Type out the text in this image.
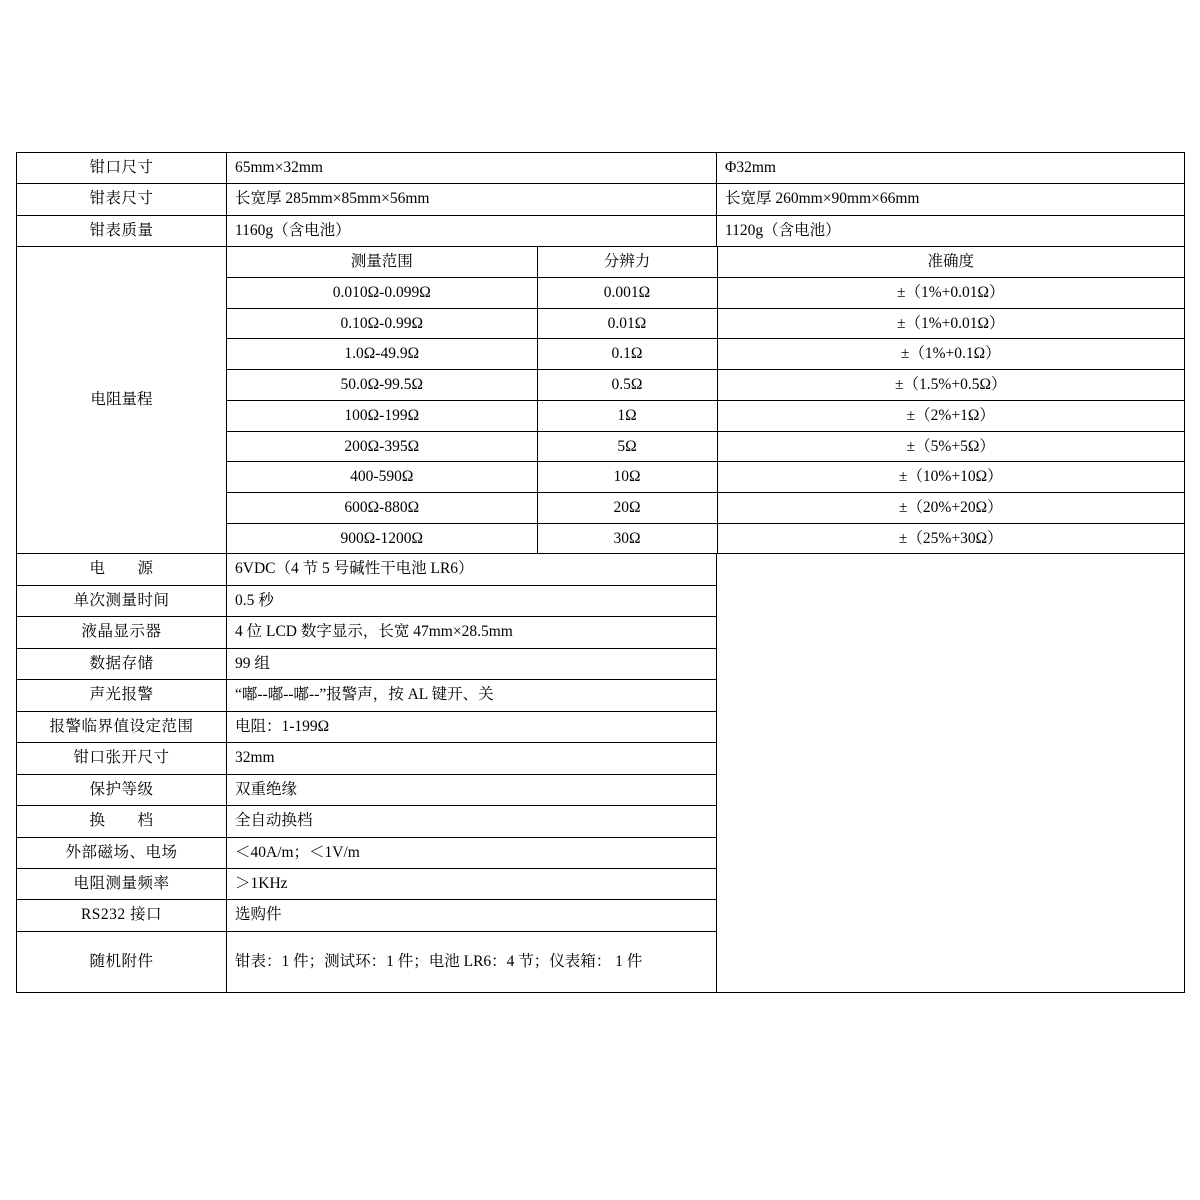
钳口尺寸	65mm×32mm	Φ32mm
钳表尺寸	长宽厚 285mm×85mm×56mm	长宽厚 260mm×90mm×66mm
钳表质量	1160g（含电池）	1120g（含电池）
电阻量程	
测量范围	分辨力	准确度
0.010Ω-0.099Ω	0.001Ω	±（1%+0.01Ω）
0.10Ω-0.99Ω	0.01Ω	±（1%+0.01Ω）
1.0Ω-49.9Ω	0.1Ω	±（1%+0.1Ω）
50.0Ω-99.5Ω	0.5Ω	±（1.5%+0.5Ω）
100Ω-199Ω	1Ω	±（2%+1Ω）
200Ω-395Ω	5Ω	±（5%+5Ω）
400-590Ω	10Ω	±（10%+10Ω）
600Ω-880Ω	20Ω	±（20%+20Ω）
900Ω-1200Ω	30Ω	±（25%+30Ω）

电　　源	6VDC（4 节 5 号碱性干电池 LR6）	

单次测量时间	0.5 秒
液晶显示器	4 位 LCD 数字显示，长宽 47mm×28.5mm
数据存储	99 组
声光报警	“嘟--嘟--嘟--”报警声，按 AL 键开、关
报警临界值设定范围	电阻：1-199Ω
钳口张开尺寸	32mm
保护等级	双重绝缘
换　　档	全自动换档
外部磁场、电场	＜40A/m；＜1V/m
电阻测量频率	＞1KHz
RS232 接口	选购件
随机附件	钳表：1 件；测试环：1 件；电池 LR6：4 节；仪表箱： 1 件
